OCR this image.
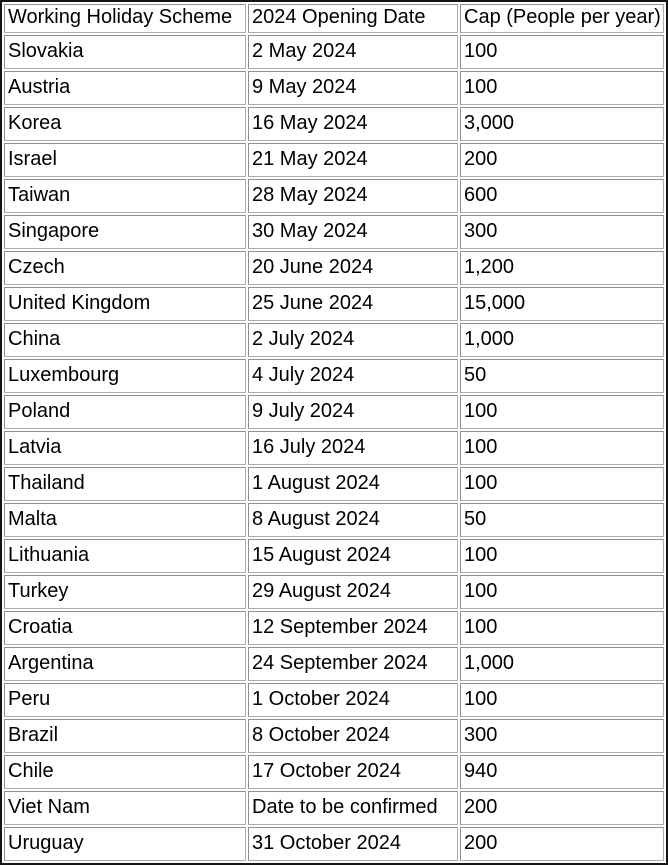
Working Holiday Scheme	2024 Opening Date	Cap (People per year)
Slovakia	2 May 2024	100
Austria	9 May 2024	100
Korea	16 May 2024	3,000
Israel	21 May 2024	200
Taiwan	28 May 2024	600
Singapore	30 May 2024	300
Czech	20 June 2024	1,200
United Kingdom	25 June 2024	15,000
China	2 July 2024	1,000
Luxembourg	4 July 2024	50
Poland	9 July 2024	100
Latvia	16 July 2024	100
Thailand	1 August 2024	100
Malta	8 August 2024	50
Lithuania	15 August 2024	100
Turkey	29 August 2024	100
Croatia	12 September 2024	100
Argentina	24 September 2024	1,000
Peru	1 October 2024	100
Brazil	8 October 2024	300
Chile	17 October 2024	940
Viet Nam	Date to be confirmed	200
Uruguay	31 October 2024	200
